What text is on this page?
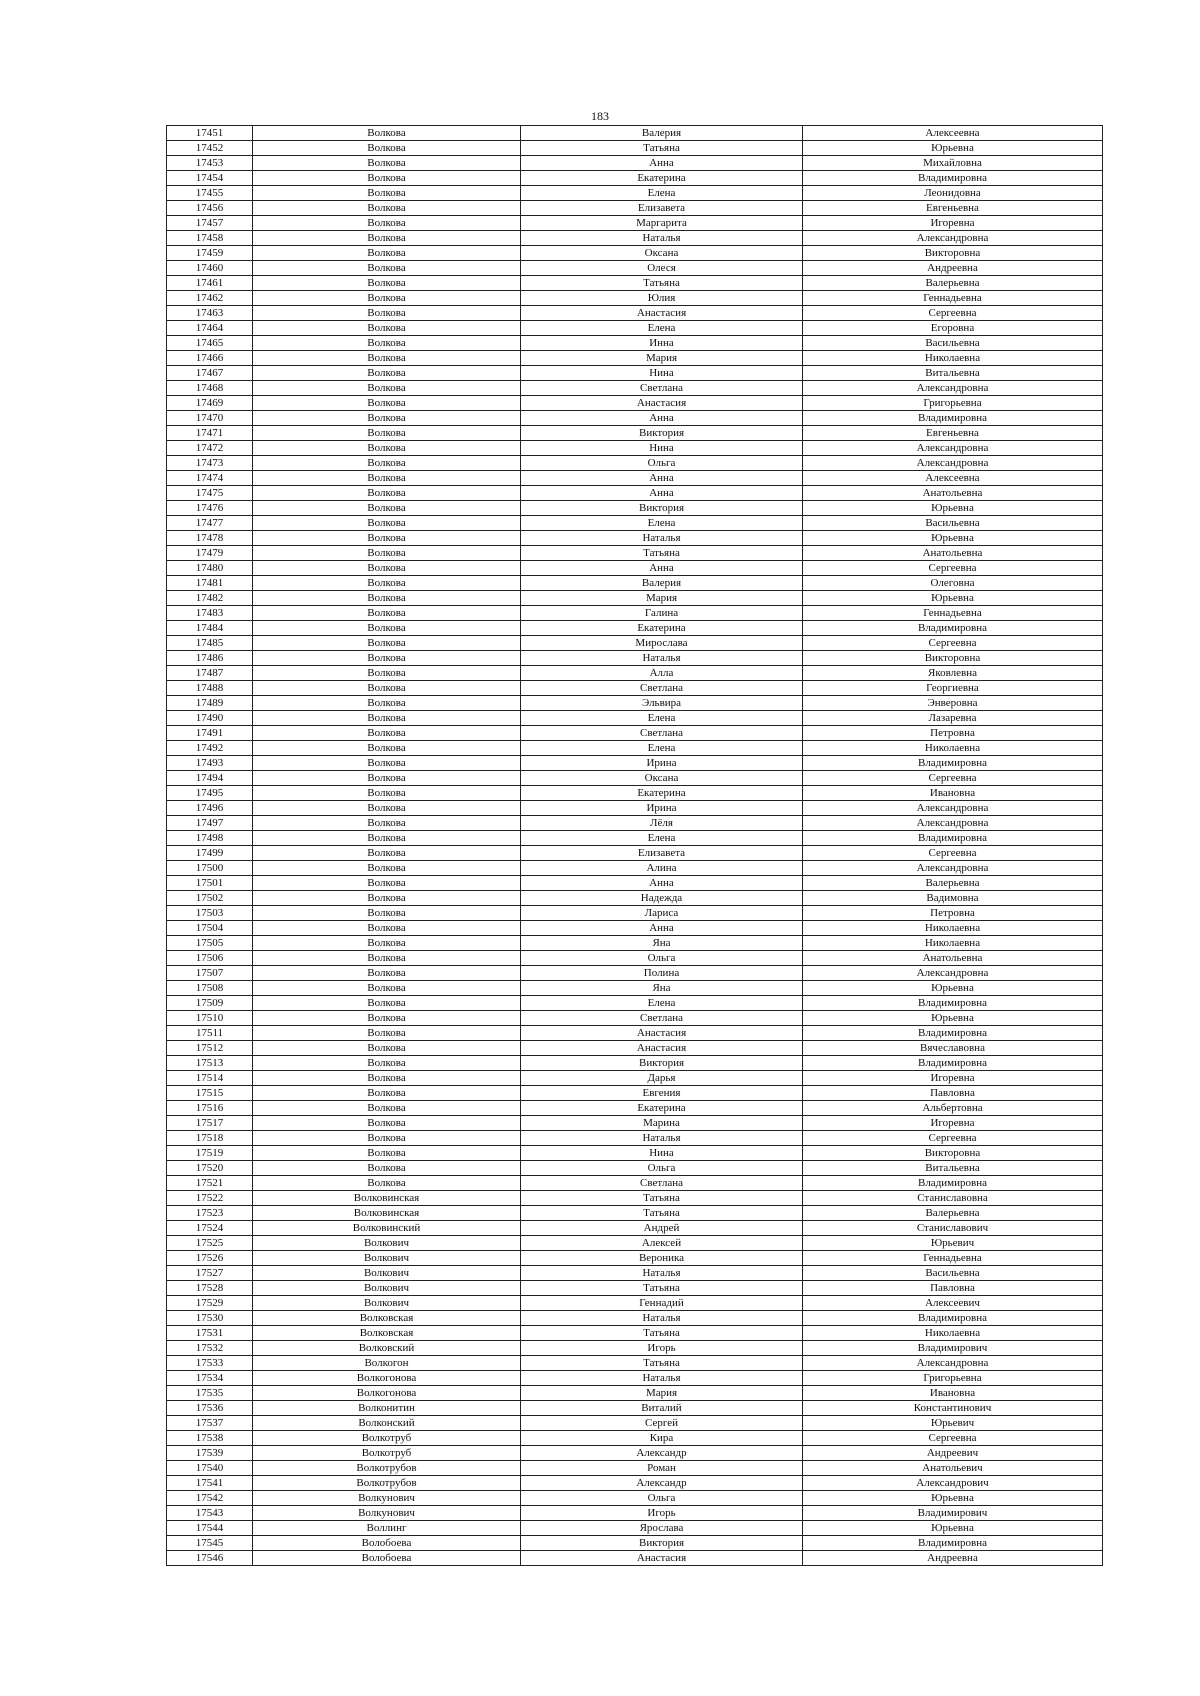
183
17451	Волкова	Валерия	Алексеевна
17452	Волкова	Татьяна	Юрьевна
17453	Волкова	Анна	Михайловна
17454	Волкова	Екатерина	Владимировна
17455	Волкова	Елена	Леонидовна
17456	Волкова	Елизавета	Евгеньевна
17457	Волкова	Маргарита	Игоревна
17458	Волкова	Наталья	Александровна
17459	Волкова	Оксана	Викторовна
17460	Волкова	Олеся	Андреевна
17461	Волкова	Татьяна	Валерьевна
17462	Волкова	Юлия	Геннадьевна
17463	Волкова	Анастасия	Сергеевна
17464	Волкова	Елена	Егоровна
17465	Волкова	Инна	Васильевна
17466	Волкова	Мария	Николаевна
17467	Волкова	Нина	Витальевна
17468	Волкова	Светлана	Александровна
17469	Волкова	Анастасия	Григорьевна
17470	Волкова	Анна	Владимировна
17471	Волкова	Виктория	Евгеньевна
17472	Волкова	Нина	Александровна
17473	Волкова	Ольга	Александровна
17474	Волкова	Анна	Алексеевна
17475	Волкова	Анна	Анатольевна
17476	Волкова	Виктория	Юрьевна
17477	Волкова	Елена	Васильевна
17478	Волкова	Наталья	Юрьевна
17479	Волкова	Татьяна	Анатольевна
17480	Волкова	Анна	Сергеевна
17481	Волкова	Валерия	Олеговна
17482	Волкова	Мария	Юрьевна
17483	Волкова	Галина	Геннадьевна
17484	Волкова	Екатерина	Владимировна
17485	Волкова	Мирослава	Сергеевна
17486	Волкова	Наталья	Викторовна
17487	Волкова	Алла	Яковлевна
17488	Волкова	Светлана	Георгиевна
17489	Волкова	Эльвира	Энверовна
17490	Волкова	Елена	Лазаревна
17491	Волкова	Светлана	Петровна
17492	Волкова	Елена	Николаевна
17493	Волкова	Ирина	Владимировна
17494	Волкова	Оксана	Сергеевна
17495	Волкова	Екатерина	Ивановна
17496	Волкова	Ирина	Александровна
17497	Волкова	Лёля	Александровна
17498	Волкова	Елена	Владимировна
17499	Волкова	Елизавета	Сергеевна
17500	Волкова	Алина	Александровна
17501	Волкова	Анна	Валерьевна
17502	Волкова	Надежда	Вадимовна
17503	Волкова	Лариса	Петровна
17504	Волкова	Анна	Николаевна
17505	Волкова	Яна	Николаевна
17506	Волкова	Ольга	Анатольевна
17507	Волкова	Полина	Александровна
17508	Волкова	Яна	Юрьевна
17509	Волкова	Елена	Владимировна
17510	Волкова	Светлана	Юрьевна
17511	Волкова	Анастасия	Владимировна
17512	Волкова	Анастасия	Вячеславовна
17513	Волкова	Виктория	Владимировна
17514	Волкова	Дарья	Игоревна
17515	Волкова	Евгения	Павловна
17516	Волкова	Екатерина	Альбертовна
17517	Волкова	Марина	Игоревна
17518	Волкова	Наталья	Сергеевна
17519	Волкова	Нина	Викторовна
17520	Волкова	Ольга	Витальевна
17521	Волкова	Светлана	Владимировна
17522	Волковинская	Татьяна	Станиславовна
17523	Волковинская	Татьяна	Валерьевна
17524	Волковинский	Андрей	Станиславович
17525	Волкович	Алексей	Юрьевич
17526	Волкович	Вероника	Геннадьевна
17527	Волкович	Наталья	Васильевна
17528	Волкович	Татьяна	Павловна
17529	Волкович	Геннадий	Алексеевич
17530	Волковская	Наталья	Владимировна
17531	Волковская	Татьяна	Николаевна
17532	Волковский	Игорь	Владимирович
17533	Волкогон	Татьяна	Александровна
17534	Волкогонова	Наталья	Григорьевна
17535	Волкогонова	Мария	Ивановна
17536	Волконитин	Виталий	Константинович
17537	Волконский	Сергей	Юрьевич
17538	Волкотруб	Кира	Сергеевна
17539	Волкотруб	Александр	Андреевич
17540	Волкотрубов	Роман	Анатольевич
17541	Волкотрубов	Александр	Александрович
17542	Волкунович	Ольга	Юрьевна
17543	Волкунович	Игорь	Владимирович
17544	Воллинг	Ярослава	Юрьевна
17545	Волобоева	Виктория	Владимировна
17546	Волобоева	Анастасия	Андреевна
